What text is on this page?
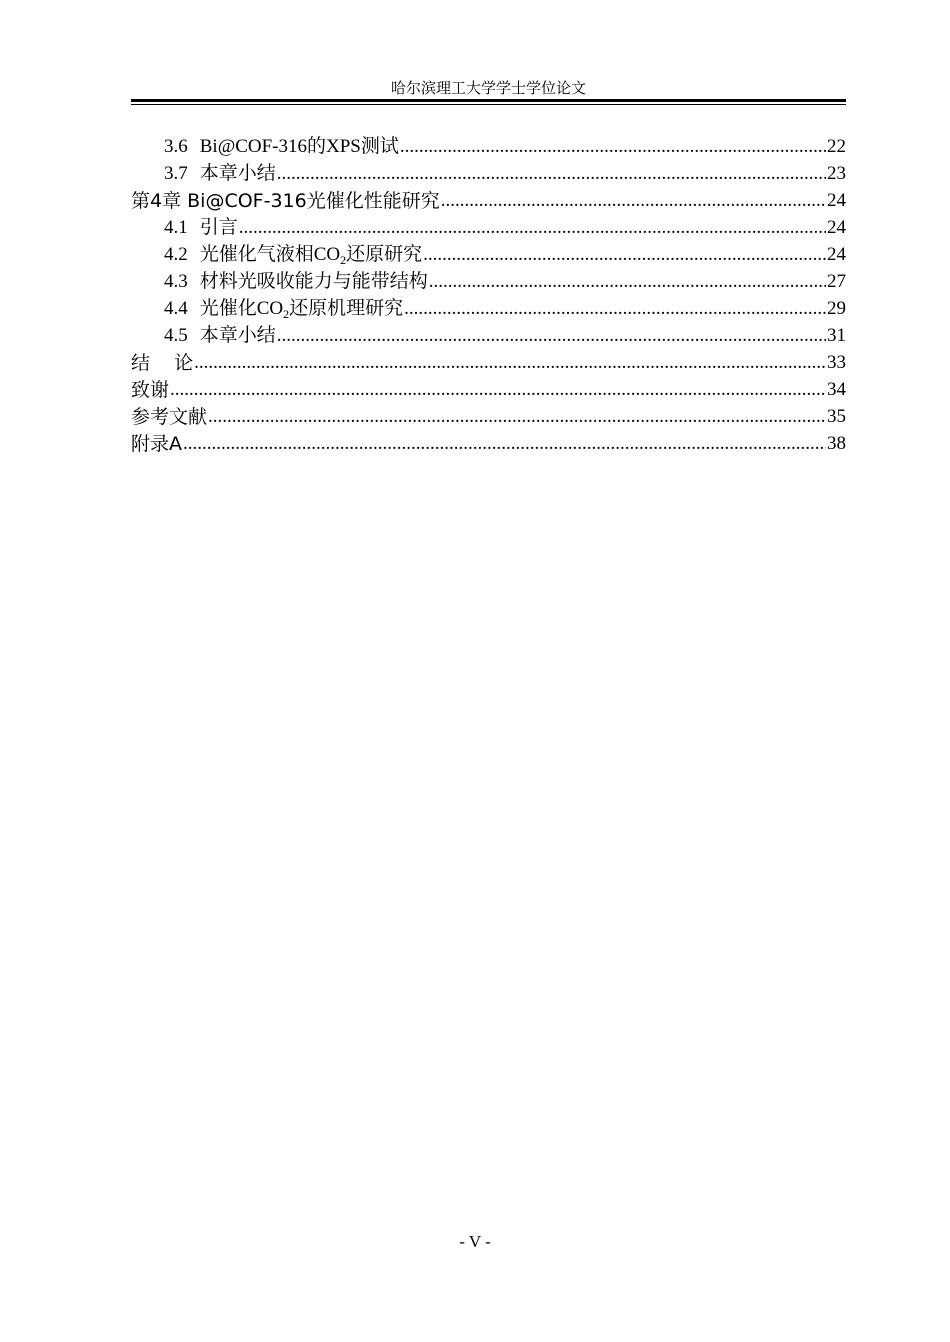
哈尔滨理工大学学士学位论文
3.6 Bi@COF-316的XPS测试 .....	22
3.7 本章小结 .....	23
第4章 Bi@COF-316光催化性能研究 .....	24
4.1 引言 .....	24
4.2 光催化气液相$CO_2$还原研究 .....	24
4.3 材料光吸收能力与能带结构 .....	27
4.4 光催化$CO_2$还原机理研究 .....	29
4.5 本章小结 .....	31
结    论 .....	33
致谢 .....	34
参考文献 .....	35
附录A .....	38
- V -
